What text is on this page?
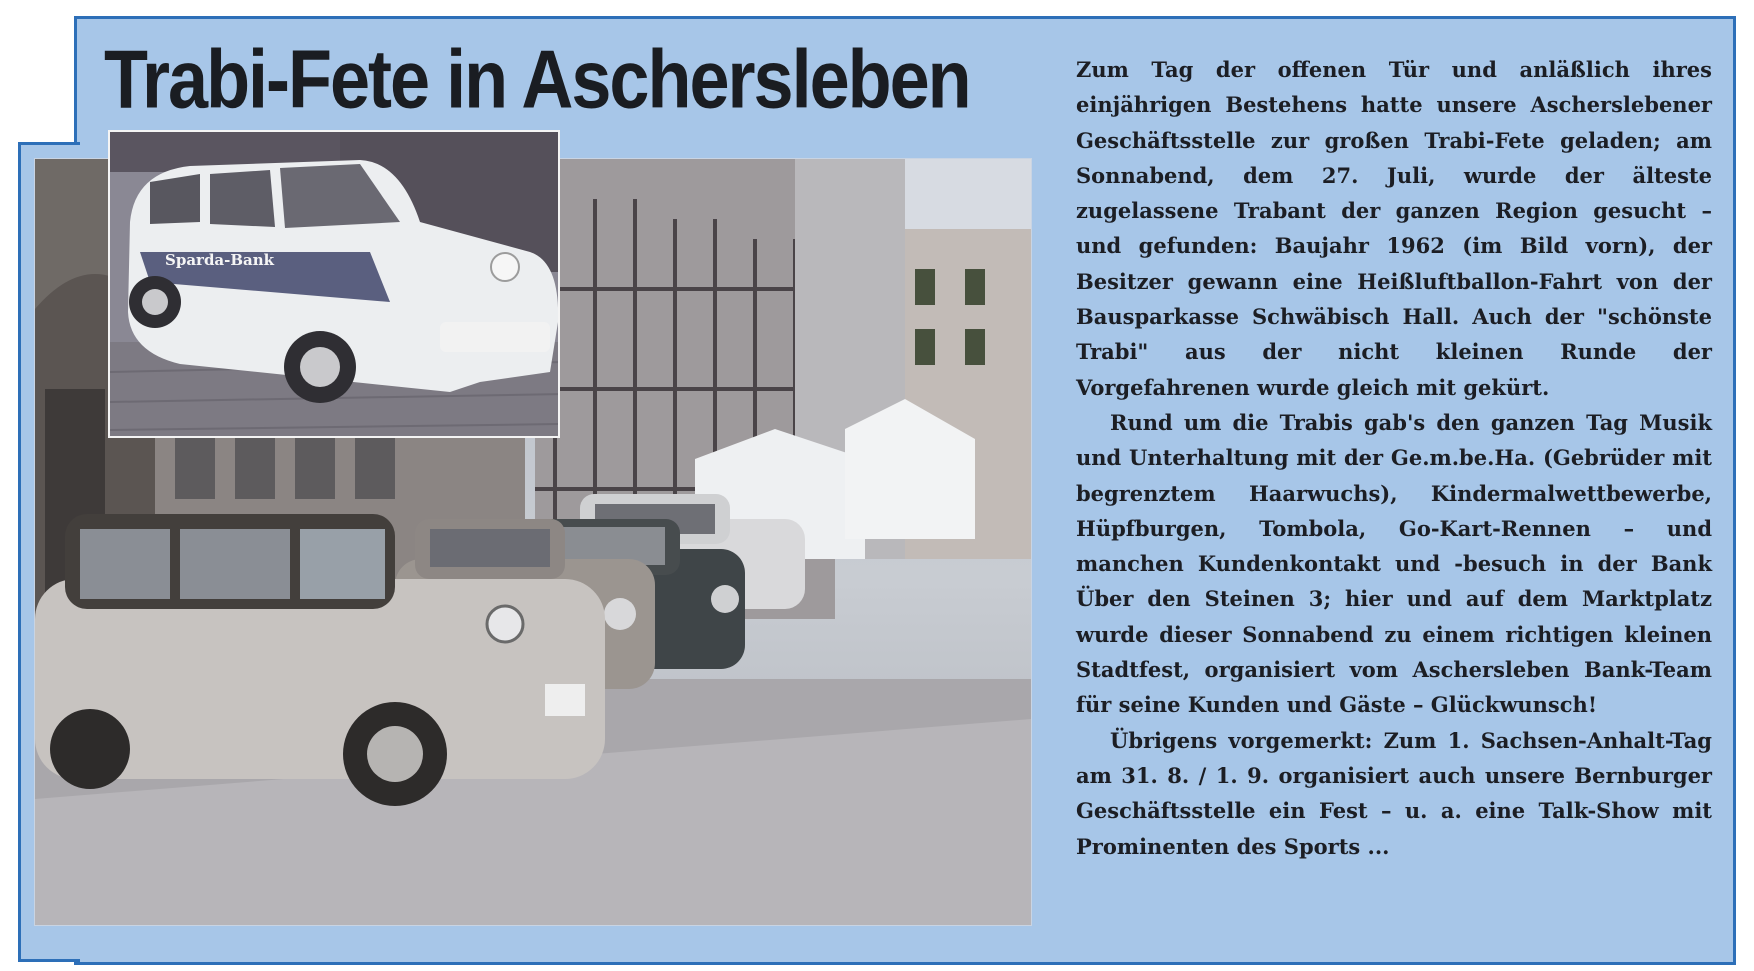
Trabi-Fete in Aschersleben
Sparda-Bank

Zum Tag der offenen Tür und anläßlich ihres einjährigen Bestehens hatte unsere Ascherslebener Geschäftsstelle zur großen Trabi-Fete geladen; am Sonnabend, dem 27. Juli, wurde der älteste zugelassene Trabant der ganzen Region gesucht – und gefunden: Baujahr 1962 (im Bild vorn), der Besitzer gewann eine Heißluftballon-Fahrt von der Bausparkasse Schwäbisch Hall. Auch der "schönste Trabi" aus der nicht kleinen Runde der Vorgefahrenen wurde gleich mit gekürt.

Rund um die Trabis gab's den ganzen Tag Musik und Unterhaltung mit der Ge.m.be.Ha. (Gebrüder mit begrenztem Haarwuchs), Kindermalwettbewerbe, Hüpfburgen, Tombola, Go-Kart-Rennen – und manchen Kundenkontakt und -besuch in der Bank Über den Steinen 3; hier und auf dem Marktplatz wurde dieser Sonnabend zu einem richtigen kleinen Stadtfest, organisiert vom Aschersleben Bank-Team für seine Kunden und Gäste – Glückwunsch!

Übrigens vorgemerkt: Zum 1. Sachsen-Anhalt-Tag am 31. 8. / 1. 9. organisiert auch unsere Bernburger Geschäftsstelle ein Fest – u. a. eine Talk-Show mit Prominenten des Sports ...
